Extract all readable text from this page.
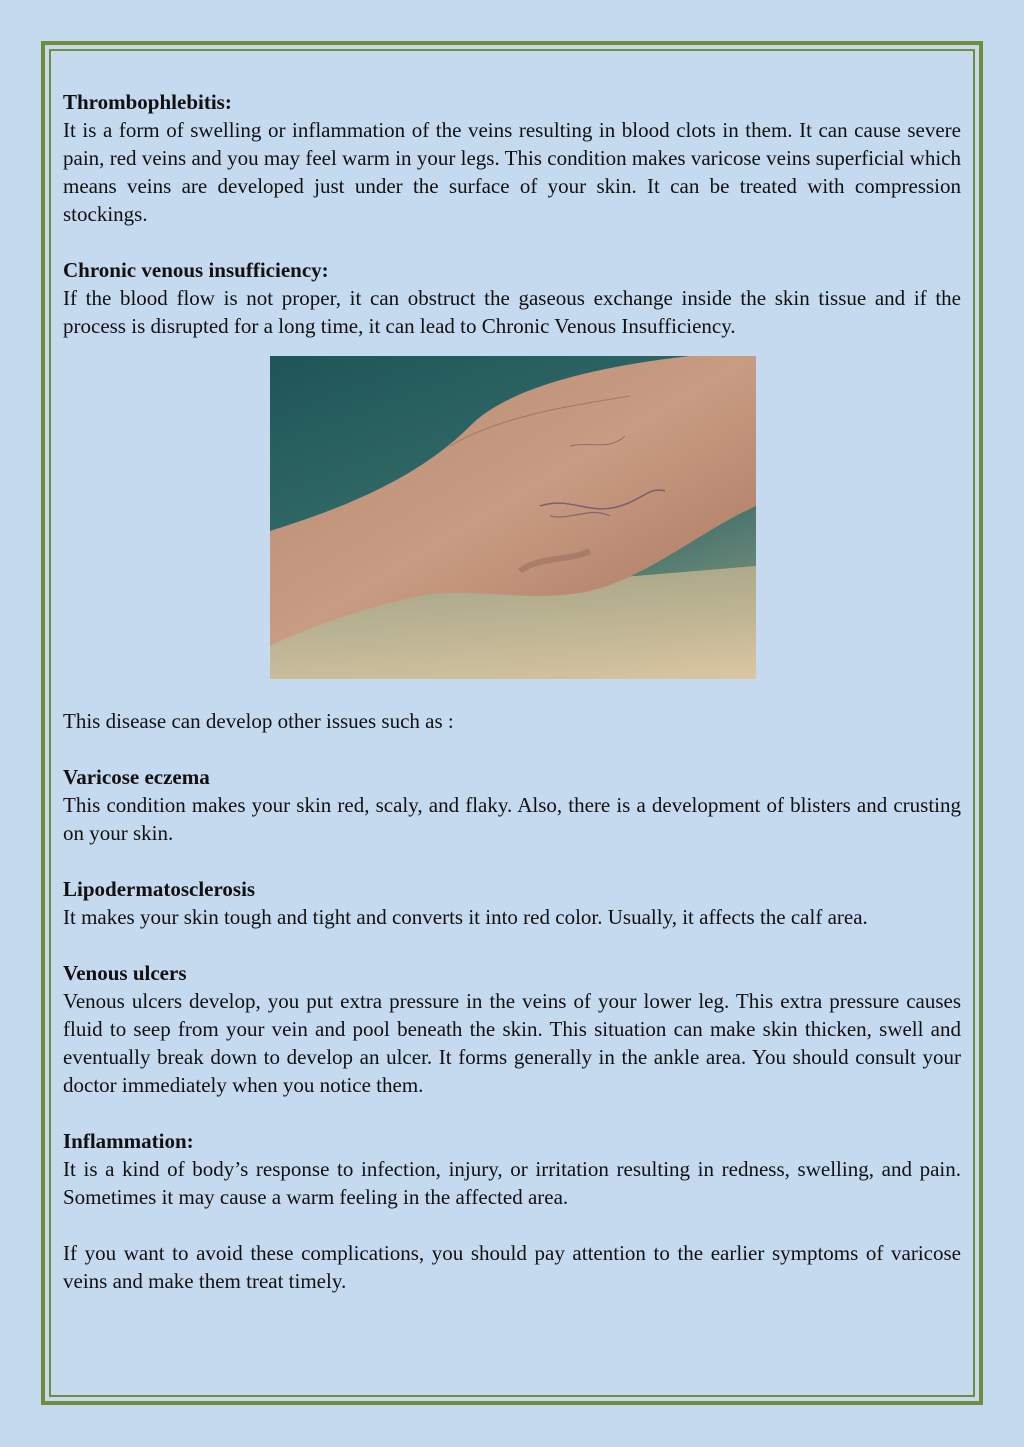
Thrombophlebitis:

It is a form of swelling or inflammation of the veins resulting in blood clots in them. It can cause severe pain, red veins and you may feel warm in your legs. This condition makes varicose veins superficial which means veins are developed just under the surface of your skin. It can be treated with compression stockings.

Chronic venous insufficiency:

If the blood flow is not proper, it can obstruct the gaseous exchange inside the skin tissue and if the process is disrupted for a long time, it can lead to Chronic Venous Insufficiency.

This disease can develop other issues such as :

Varicose eczema

This condition makes your skin red, scaly, and flaky. Also, there is a development of blisters and crusting on your skin.

Lipodermatosclerosis

It makes your skin tough and tight and converts it into red color. Usually, it affects the calf area.

Venous ulcers

Venous ulcers develop, you put extra pressure in the veins of your lower leg. This extra pressure causes fluid to seep from your vein and pool beneath the skin. This situation can make skin thicken, swell and eventually break down to develop an ulcer. It forms generally in the ankle area. You should consult your doctor immediately when you notice them.

Inflammation:

It is a kind of body’s response to infection, injury, or irritation resulting in redness, swelling, and pain. Sometimes it may cause a warm feeling in the affected area.

If you want to avoid these complications, you should pay attention to the earlier symptoms of varicose veins and make them treat timely.
